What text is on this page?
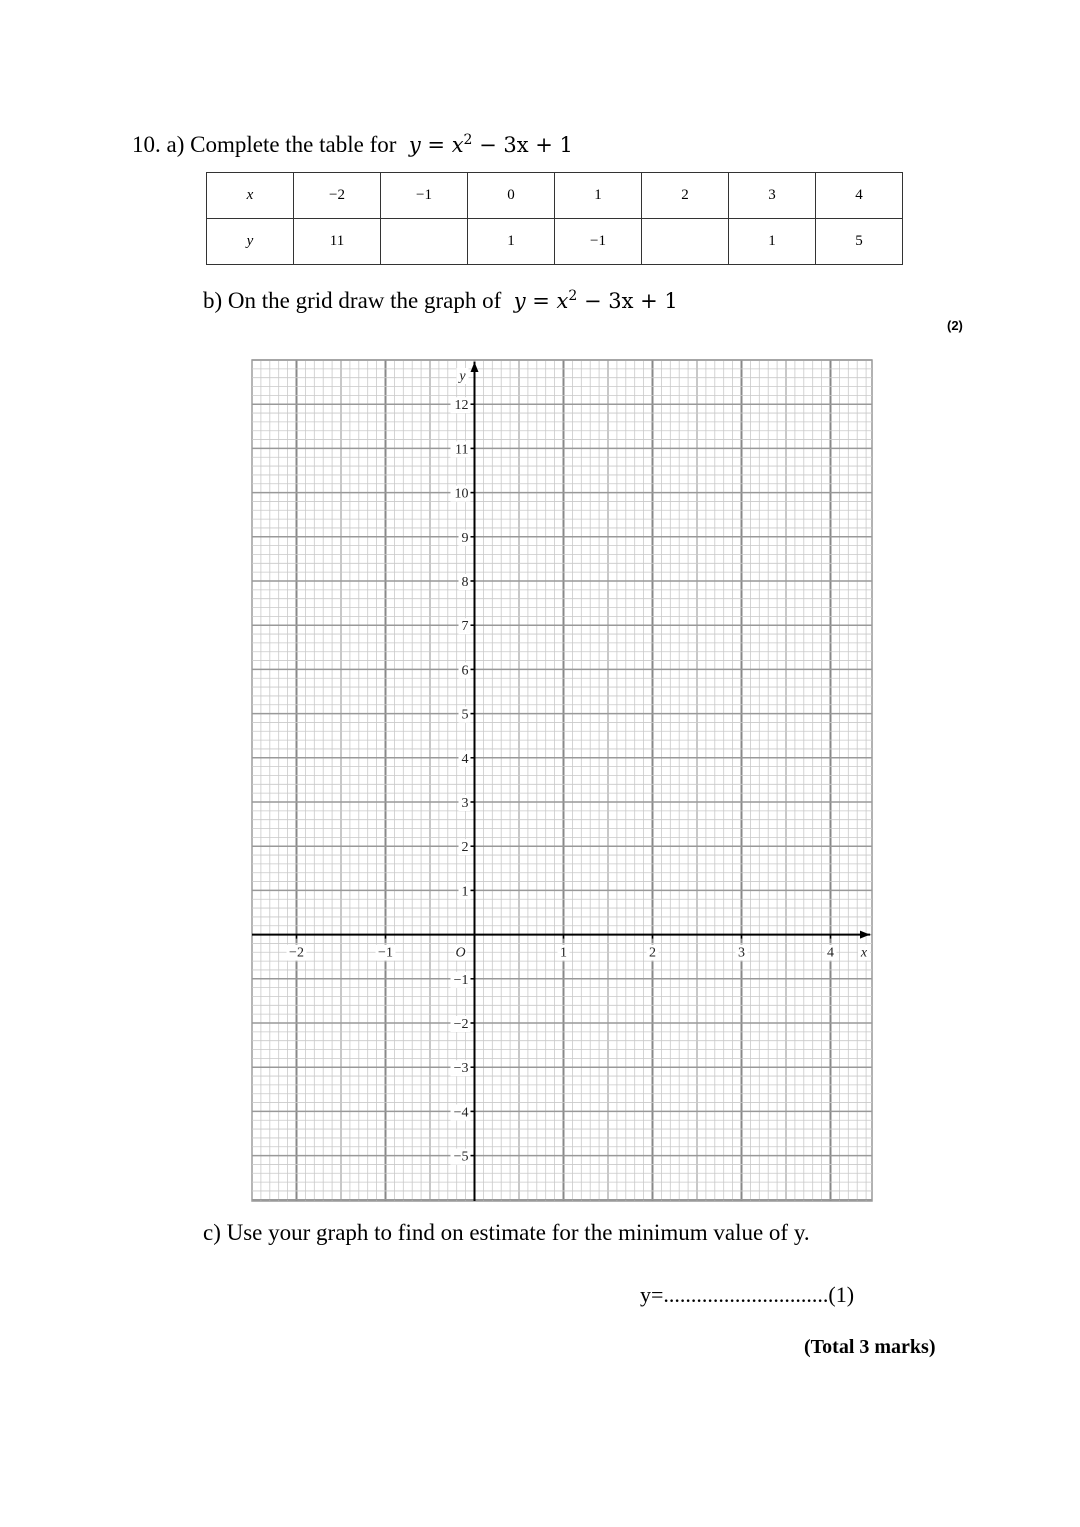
10. a) Complete the table for $y = x^2 - 3x + 1$
x	−2	−1	0	1	2	3	4
y	11		1	−1		1	5
b) On the grid draw the graph of $y = x^2 - 3x + 1$
(2)
12
11
10
9
8
7
6
5
4
3
2
1
−1
−2
−3
−4
−5
−2	−1	1	2	3	4
O	x
y
c) Use your graph to find on estimate for the minimum value of y.
y=..............................(1)
(Total 3 marks)
